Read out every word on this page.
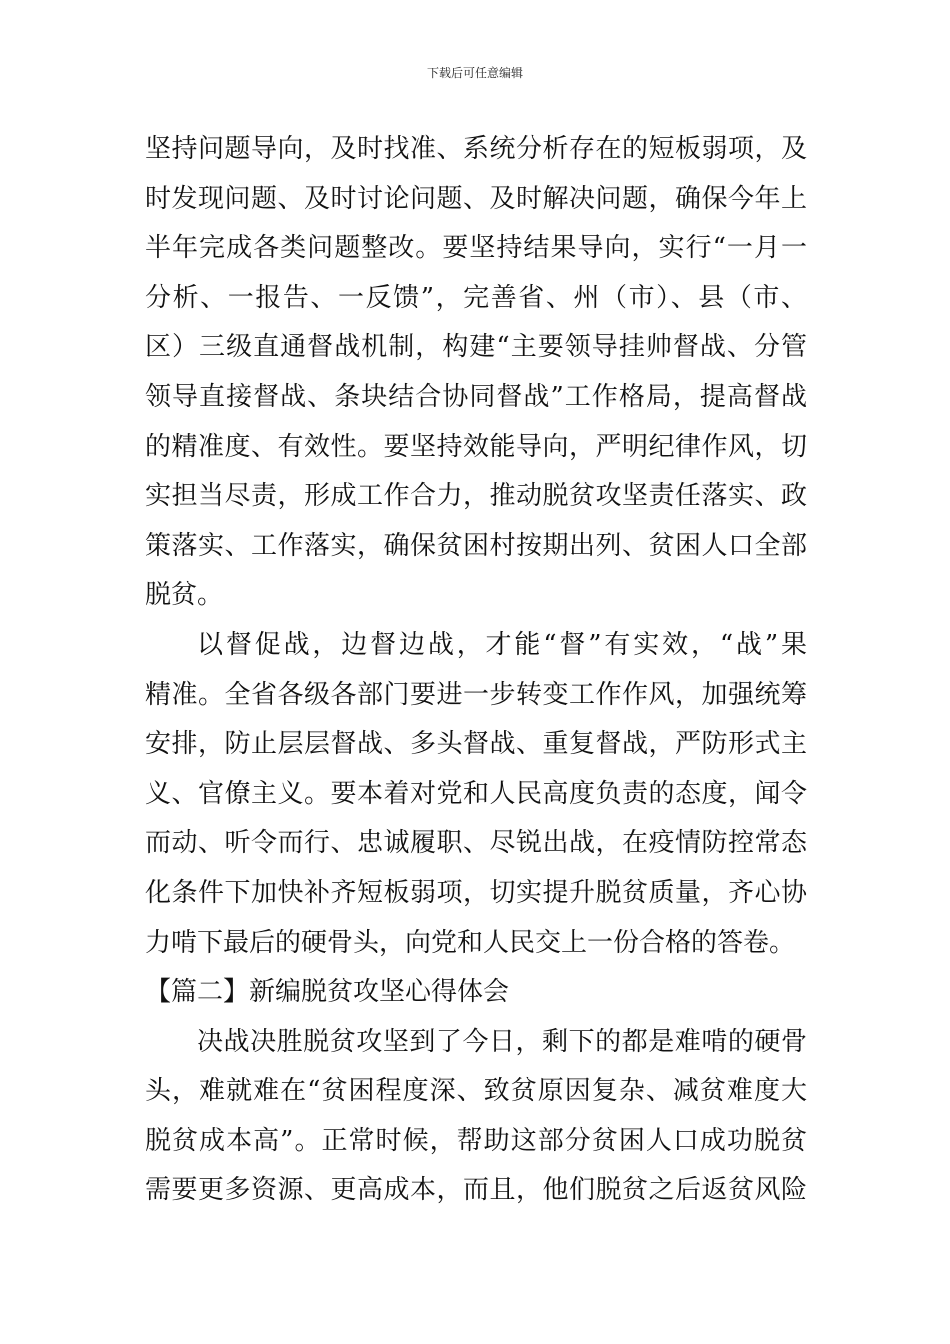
下载后可任意编辑
坚持问题导向，及时找准、系统分析存在的短板弱项，及
时发现问题、及时讨论问题、及时解决问题，确保今年上
半年完成各类问题整改。要坚持结果导向，实行“一月一
分析、一报告、一反馈”，完善省、州（市）、县（市、
区）三级直通督战机制，构建“主要领导挂帅督战、分管
领导直接督战、条块结合协同督战”工作格局，提高督战
的精准度、有效性。要坚持效能导向，严明纪律作风，切
实担当尽责，形成工作合力，推动脱贫攻坚责任落实、政
策落实、工作落实，确保贫困村按期出列、贫困人口全部
脱贫。
以督促战，边督边战，才能“督”有实效，“战”果
精准。全省各级各部门要进一步转变工作作风，加强统筹
安排，防止层层督战、多头督战、重复督战，严防形式主
义、官僚主义。要本着对党和人民高度负责的态度，闻令
而动、听令而行、忠诚履职、尽锐出战，在疫情防控常态
化条件下加快补齐短板弱项，切实提升脱贫质量，齐心协
力啃下最后的硬骨头，向党和人民交上一份合格的答卷。
【篇二】新编脱贫攻坚心得体会
决战决胜脱贫攻坚到了今日，剩下的都是难啃的硬骨
头，难就难在“贫困程度深、致贫原因复杂、减贫难度大
脱贫成本高”。正常时候，帮助这部分贫困人口成功脱贫
需要更多资源、更高成本，而且，他们脱贫之后返贫风险
